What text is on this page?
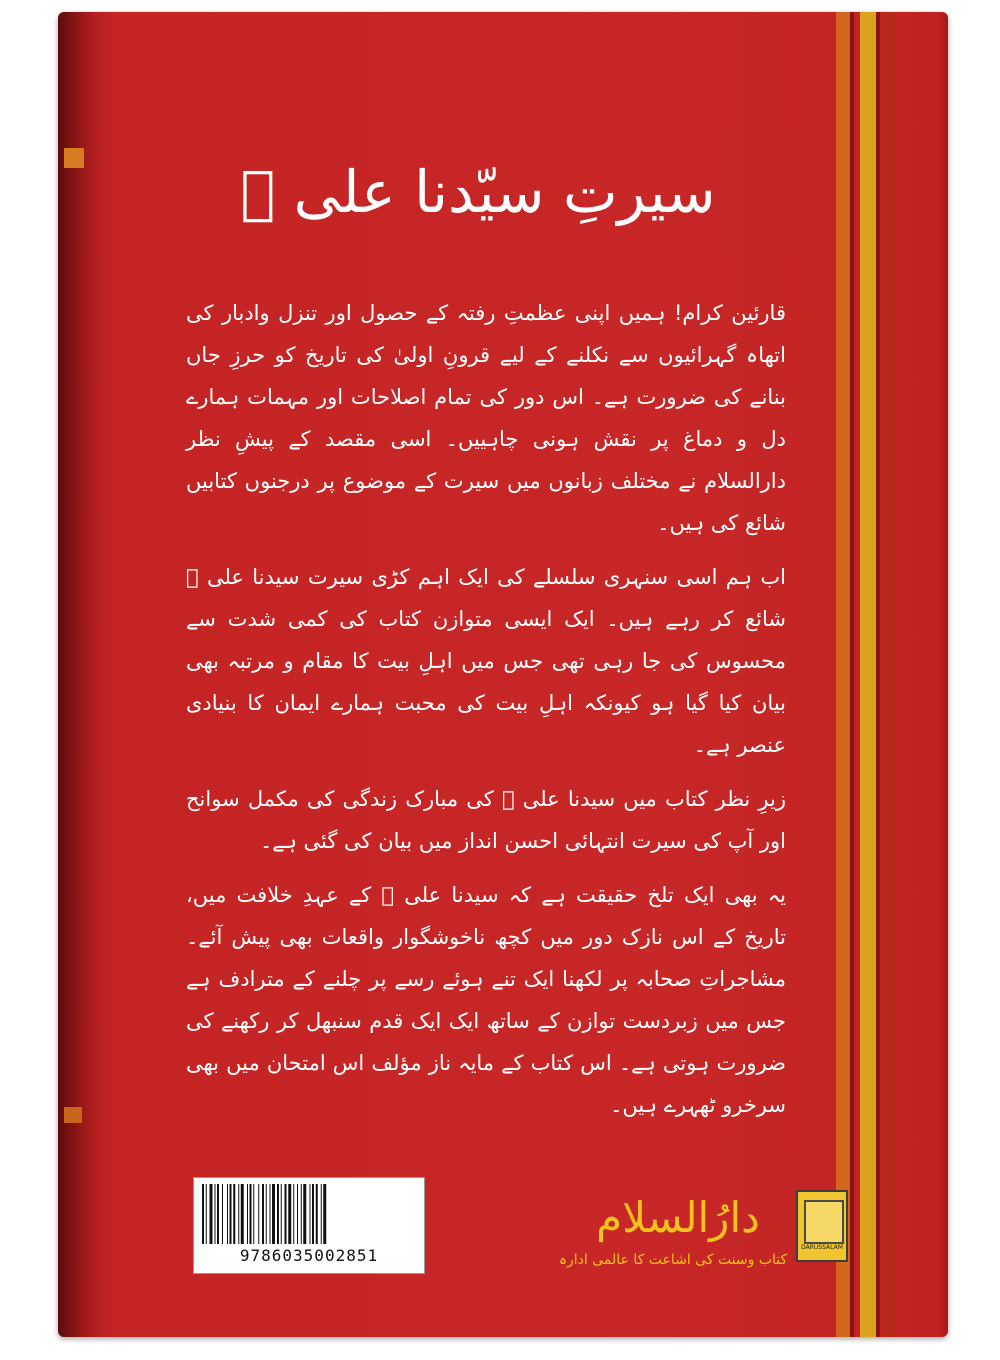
سیرتِ سیّدنا علی ﷜

قارئین کرام! ہمیں اپنی عظمتِ رفتہ کے حصول اور تنزل وادبار کی اتھاہ گہرائیوں سے نکلنے کے لیے قرونِ اولیٰ کی تاریخ کو حرزِ جاں بنانے کی ضرورت ہے۔ اس دور کی تمام اصلاحات اور مہمات ہمارے دل و دماغ پر نقش ہونی چاہییں۔ اسی مقصد کے پیشِ نظر دارالسلام نے مختلف زبانوں میں سیرت کے موضوع پر درجنوں کتابیں شائع کی ہیں۔

اب ہم اسی سنہری سلسلے کی ایک اہم کڑی سیرت سیدنا علی ﷜ شائع کر رہے ہیں۔ ایک ایسی متوازن کتاب کی کمی شدت سے محسوس کی جا رہی تھی جس میں اہلِ بیت کا مقام و مرتبہ بھی بیان کیا گیا ہو کیونکہ اہلِ بیت کی محبت ہمارے ایمان کا بنیادی عنصر ہے۔

زیرِ نظر کتاب میں سیدنا علی ﷜ کی مبارک زندگی کی مکمل سوانح اور آپ کی سیرت انتہائی احسن انداز میں بیان کی گئی ہے۔

یہ بھی ایک تلخ حقیقت ہے کہ سیدنا علی ﷜ کے عہدِ خلافت میں، تاریخ کے اس نازک دور میں کچھ ناخوشگوار واقعات بھی پیش آئے۔ مشاجراتِ صحابہ پر لکھنا ایک تنے ہوئے رسے پر چلنے کے مترادف ہے جس میں زبردست توازن کے ساتھ ایک ایک قدم سنبھل کر رکھنے کی ضرورت ہوتی ہے۔ اس کتاب کے مایہ ناز مؤلف اس امتحان میں بھی سرخرو ٹھہرے ہیں۔

9786035002851
دارُالسلام
کتاب وسنت کی اشاعت کا عالمی ادارہ
DARUSSALAM
